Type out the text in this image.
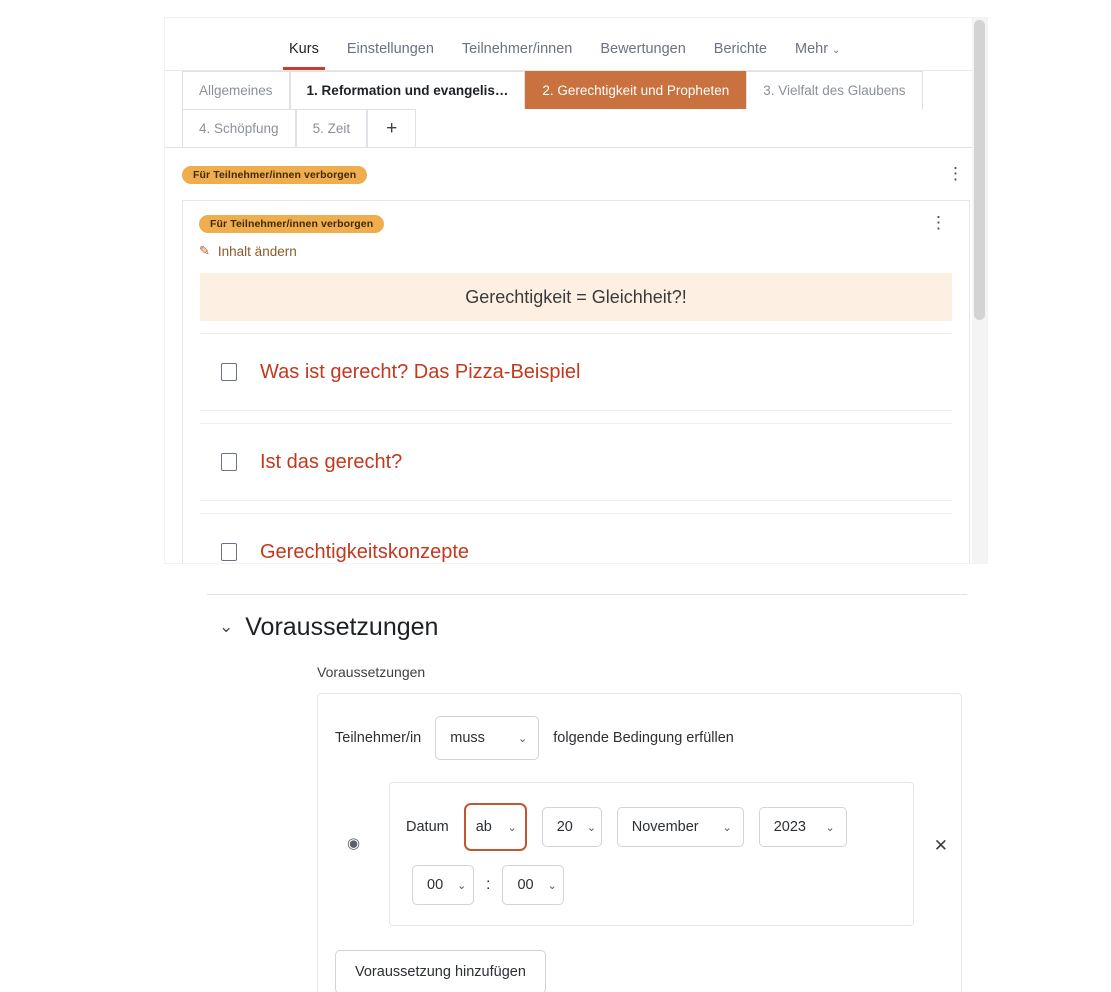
Kurs	Einstellungen	Teilnehmer/innen	Bewertungen	Berichte	Mehr ⌄
Allgemeines	1. Reformation und evangelis…	2. Gerechtigkeit und Propheten	3. Vielfalt des Glaubens
4. Schöpfung	5. Zeit +
Für Teilnehmer/innen verborgen	⋮
Für Teilnehmer/innen verborgen	⋮
✎ Inhalt ändern
Gerechtigkeit = Gleichheit?!
Was ist gerecht? Das Pizza-Beispiel
Ist das gerecht?
Gerechtigkeitskonzepte
⌄ Voraussetzungen
Voraussetzungen
Teilnehmer/in	muss	⌄	folgende Bedingung erfüllen
◉	✕
Datum	ab	⌄	20	⌄	November	⌄	2023	⌄
00	⌄	:	00	⌄
Voraussetzung hinzufügen
